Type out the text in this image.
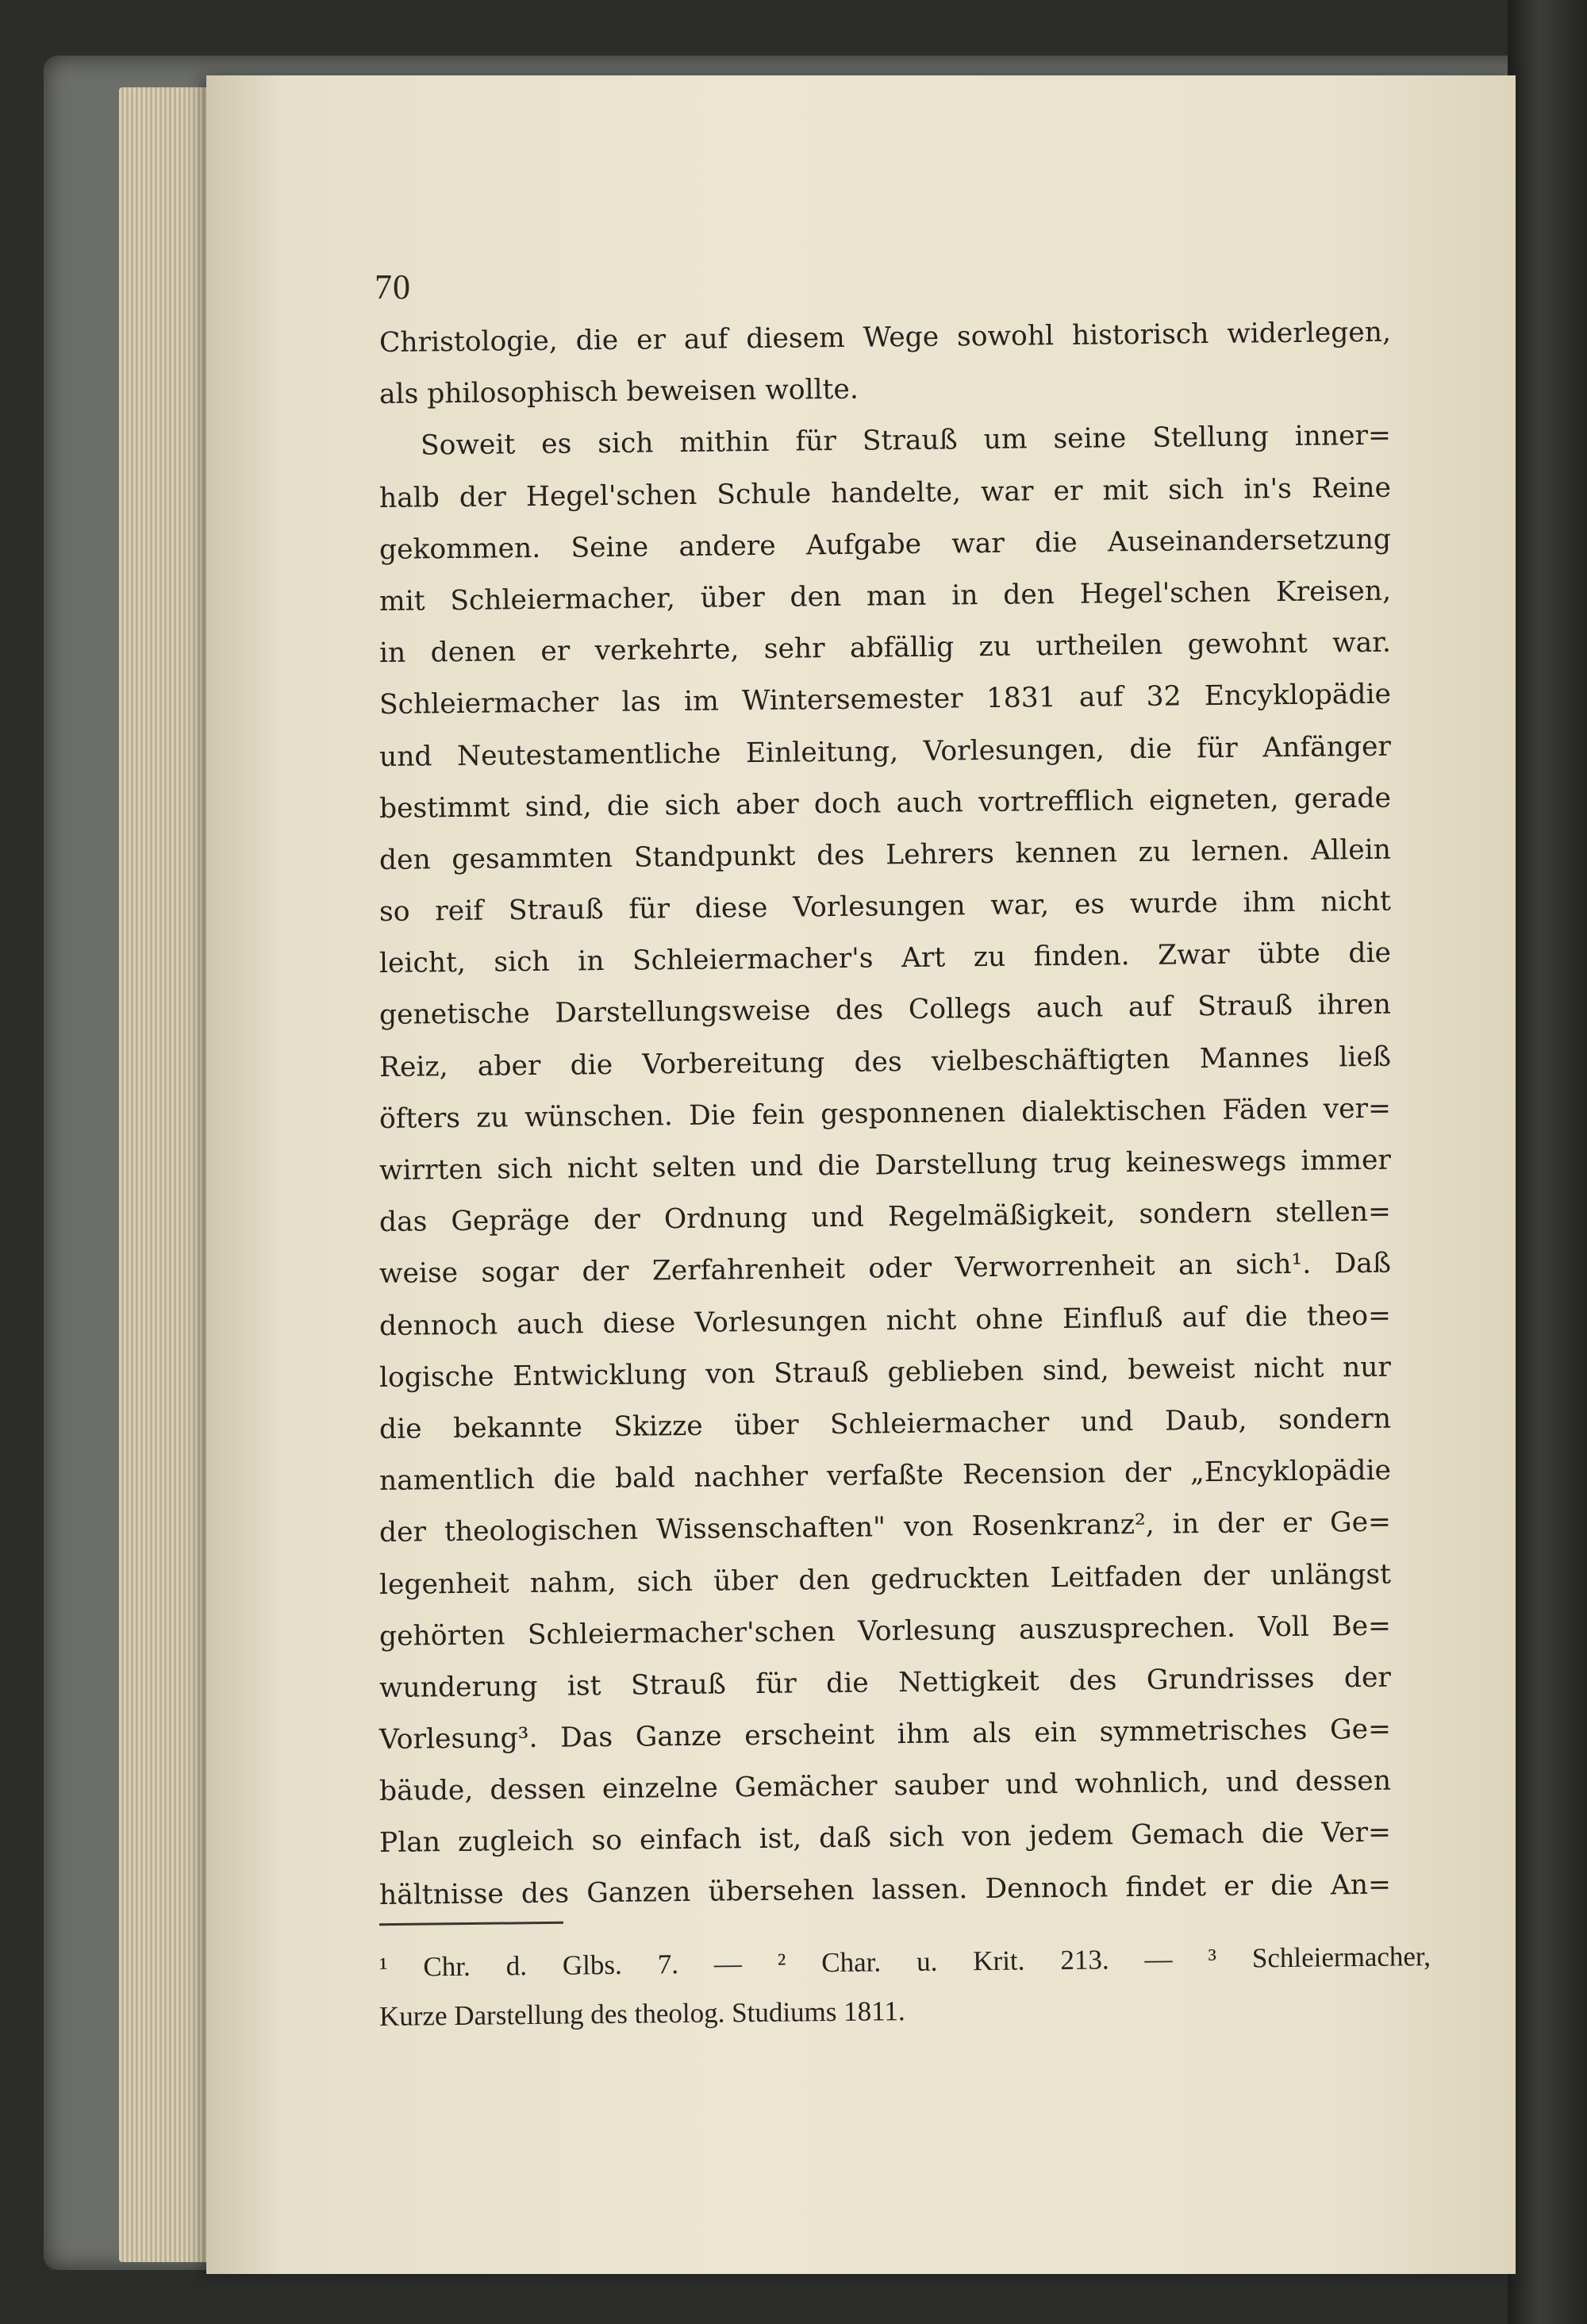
70
Christologie, die er auf diesem Wege sowohl historisch widerlegen,
als philosophisch beweisen wollte.
Soweit es sich mithin für Strauß um seine Stellung inner=
halb der Hegel'schen Schule handelte, war er mit sich in's Reine
gekommen. Seine andere Aufgabe war die Auseinandersetzung
mit Schleiermacher, über den man in den Hegel'schen Kreisen,
in denen er verkehrte, sehr abfällig zu urtheilen gewohnt war.
Schleiermacher las im Wintersemester 1831 auf 32 Encyklopädie
und Neutestamentliche Einleitung, Vorlesungen, die für Anfänger
bestimmt sind, die sich aber doch auch vortrefflich eigneten, gerade
den gesammten Standpunkt des Lehrers kennen zu lernen. Allein
so reif Strauß für diese Vorlesungen war, es wurde ihm nicht
leicht, sich in Schleiermacher's Art zu finden. Zwar übte die
genetische Darstellungsweise des Collegs auch auf Strauß ihren
Reiz, aber die Vorbereitung des vielbeschäftigten Mannes ließ
öfters zu wünschen. Die fein gesponnenen dialektischen Fäden ver=
wirrten sich nicht selten und die Darstellung trug keineswegs immer
das Gepräge der Ordnung und Regelmäßigkeit, sondern stellen=
weise sogar der Zerfahrenheit oder Verworrenheit an sich¹. Daß
dennoch auch diese Vorlesungen nicht ohne Einfluß auf die theo=
logische Entwicklung von Strauß geblieben sind, beweist nicht nur
die bekannte Skizze über Schleiermacher und Daub, sondern
namentlich die bald nachher verfaßte Recension der „Encyklopädie
der theologischen Wissenschaften" von Rosenkranz², in der er Ge=
legenheit nahm, sich über den gedruckten Leitfaden der unlängst
gehörten Schleiermacher'schen Vorlesung auszusprechen. Voll Be=
wunderung ist Strauß für die Nettigkeit des Grundrisses der
Vorlesung³. Das Ganze erscheint ihm als ein symmetrisches Ge=
bäude, dessen einzelne Gemächer sauber und wohnlich, und dessen
Plan zugleich so einfach ist, daß sich von jedem Gemach die Ver=
hältnisse des Ganzen übersehen lassen. Dennoch findet er die An=
¹ Chr. d. Glbs. 7. — ² Char. u. Krit. 213. — ³ Schleiermacher,
Kurze Darstellung des theolog. Studiums 1811.
